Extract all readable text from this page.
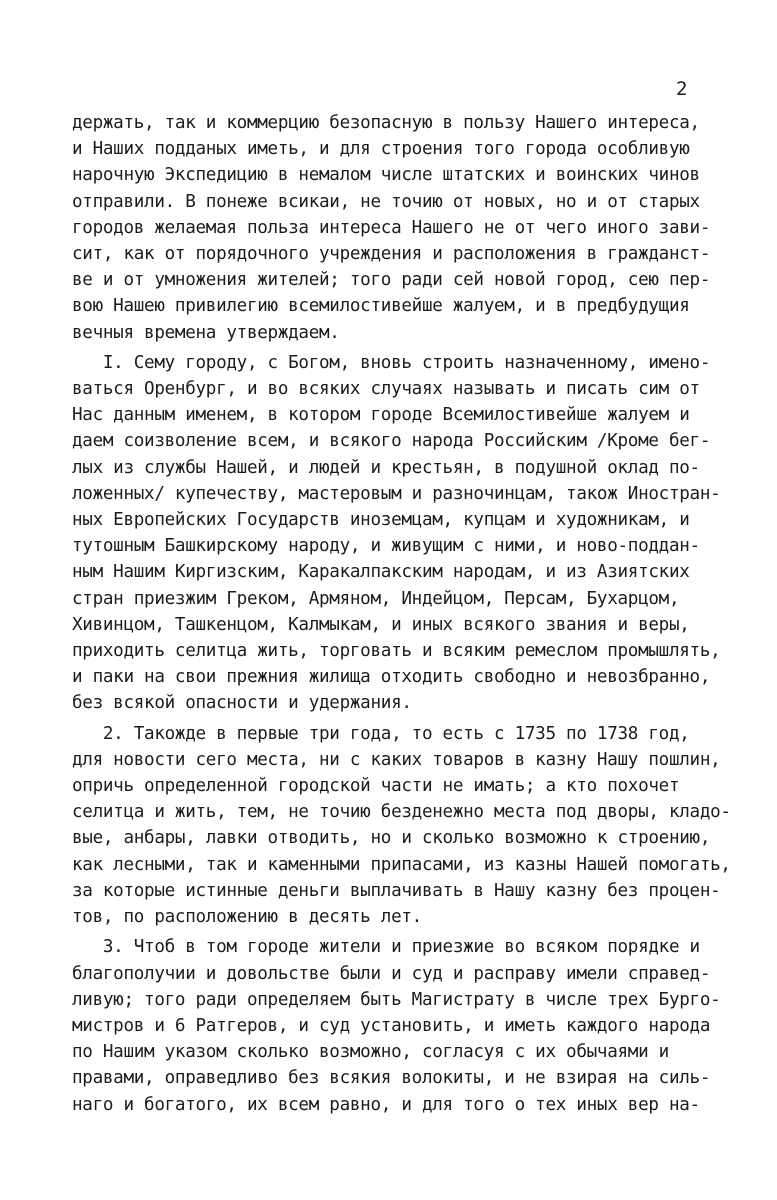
2
держать, так и коммерцию безопасную в пользу Нашего интереса,
и Наших подданых иметь, и для строения того города особливую
нарочную Экспедицию в немалом числе штатских и воинских чинов
отправили. В понеже всикаи, не точию от новых, но и от старых
городов желаемая польза интереса Нашего не от чего иного зави-
сит, как от порядочного учреждения и расположения в гражданст-
ве и от умножения жителей; того ради сей новой город, сею пер-
вою Нашею привилегию всемилостивейше жалуем, и в предбудущия
вечныя времена утверждаем.
I. Сему городу, с Богом, вновь строить назначенному, имено-
ваться Оренбург, и во всяких случаях называть и писать сим от
Нас данным именем, в котором городе Всемилостивейше жалуем и
даем соизволение всем, и всякого народа Российским /Кроме бег-
лых из службы Нашей, и людей и крестьян, в подушной оклад по-
ложенных/ купечеству, мастеровым и разночинцам, також Иностран-
ных Европейских Государств иноземцам, купцам и художникам, и
тутошным Башкирскому народу, и живущим с ними, и ново-поддан-
ным Нашим Киргизским, Каракалпакским народам, и из Азиятских
стран приезжим Греком, Армяном, Индейцом, Персам, Бухарцом,
Хивинцом, Ташкенцом, Калмыкам, и иных всякого звания и веры,
приходить селитца жить, торговать и всяким ремеслом промышлять,
и паки на свои прежния жилища отходить свободно и невозбранно,
без всякой опасности и удержания.
2. Такожде в первые три года, то есть с 1735 по 1738 год,
для новости сего места, ни с каких товаров в казну Нашу пошлин,
опричь определенной городской части не имать; а кто похочет
селитца и жить, тем, не точию безденежно места под дворы, кладо-
вые, анбары, лавки отводить, но и сколько возможно к строению,
как лесными, так и каменными припасами, из казны Нашей помогать,
за которые истинные деньги выплачивать в Нашу казну без процен-
тов, по расположению в десять лет.
3. Чтоб в том городе жители и приезжие во всяком порядке и
благополучии и довольстве были и суд и расправу имели справед-
ливую; того ради определяем быть Магистрату в числе трех Бурго-
мистров и 6 Ратгеров, и суд установить, и иметь каждого народа
по Нашим указом сколько возможно, согласуя с их обычаями и
правами, оправедливо без всякия волокиты, и не взирая на силь-
наго и богатого, их всем равно, и для того о тех иных вер на-
